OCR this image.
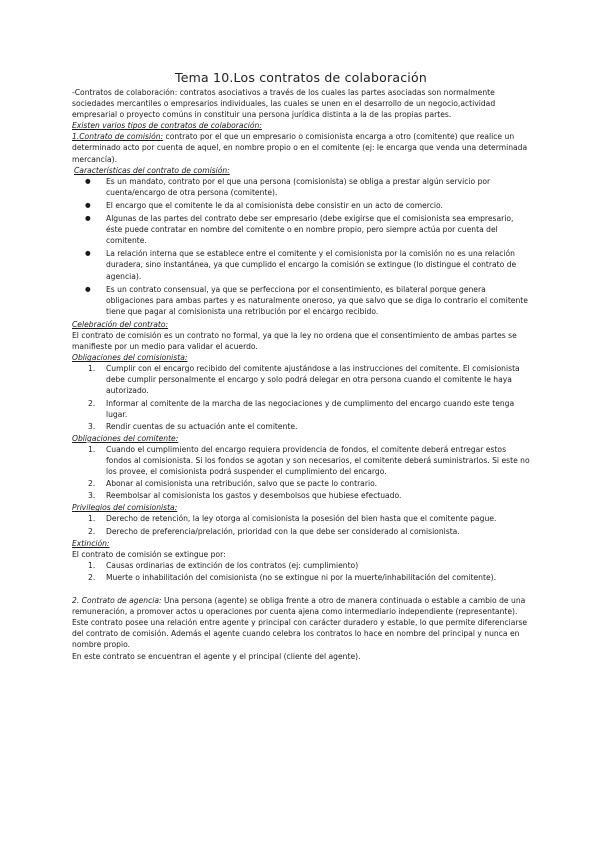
Tema 10.Los contratos de colaboración

-Contratos de colaboración: contratos asociativos a través de los cuales las partes asociadas son normalmente sociedades mercantiles o empresarios individuales, las cuales se unen en el desarrollo de un negocio,actividad empresarial o proyecto comúns in constituir una persona jurídica distinta a la de las propias partes.

Existen varios tipos de contratos de colaboración:

1.Contrato de comisión: contrato por el que un empresario o comisionista encarga a otro (comitente) que realice un determinado acto por cuenta de aquel, en nombre propio o en el comitente (ej: le encarga que venda una determinada mercancía).

Características del contrato de comisión:

● Es un mandato, contrato por el que una persona (comisionista) se obliga a prestar algún servicio por cuenta/encargo de otra persona (comitente).
● El encargo que el comitente le da al comisionista debe consistir en un acto de comercio.
● Algunas de las partes del contrato debe ser empresario (debe exigirse que el comisionista sea empresario, éste puede contratar en nombre del comitente o en nombre propio, pero siempre actúa por cuenta del comitente.
● La relación interna que se establece entre el comitente y el comisionista por la comisión no es una relación duradera, sino instantánea, ya que cumplido el encargo la comisión se extingue (lo distingue el contrato de agencia).
● Es un contrato consensual, ya que se perfecciona por el consentimiento, es bilateral porque genera obligaciones para ambas partes y es naturalmente oneroso, ya que salvo que se diga lo contrario el comitente tiene que pagar al comisionista una retribución por el encargo recibido.

Celebración del contrato:

El contrato de comisión es un contrato no formal, ya que la ley no ordena que el consentimiento de ambas partes se manifieste por un medio para validar el acuerdo.

Obligaciones del comisionista:

1. Cumplir con el encargo recibido del comitente ajustándose a las instrucciones del comitente. El comisionista debe cumplir personalmente el encargo y solo podrá delegar en otra persona cuando el comitente le haya autorizado.
2. Informar al comitente de la marcha de las negociaciones y de cumplimento del encargo cuando este tenga lugar.
3. Rendir cuentas de su actuación ante el comitente.

Obligaciones del comitente:

1. Cuando el cumplimiento del encargo requiera providencia de fondos, el comitente deberá entregar estos fondos al comisionista. Si los fondos se agotan y son necesarios, el comitente deberá suministrarlos. Si este no los provee, el comisionista podrá suspender el cumplimiento del encargo.
2. Abonar al comisionista una retribución, salvo que se pacte lo contrario.
3. Reembolsar al comisionista los gastos y desembolsos que hubiese efectuado.

Privilegios del comisionista:

1. Derecho de retención, la ley otorga al comisionista la posesión del bien hasta que el comitente pague.
2. Derecho de preferencia/prelación, prioridad con la que debe ser considerado al comisionista.

Extinción:

El contrato de comisión se extingue por:

1. Causas ordinarias de extinción de los contratos (ej: cumplimiento)
2. Muerte o inhabilitación del comisionista (no se extingue ni por la muerte/inhabilitación del comitente).

2. Contrato de agencia: Una persona (agente) se obliga frente a otro de manera continuada o estable a cambio de una remuneración, a promover actos u operaciones por cuenta ajena como intermediario independiente (representante).

Este contrato posee una relación entre agente y principal con carácter duradero y estable, lo que permite diferenciarse del contrato de comisión. Además el agente cuando celebra los contratos lo hace en nombre del principal y nunca en nombre propio.

En este contrato se encuentran el agente y el principal (cliente del agente).
